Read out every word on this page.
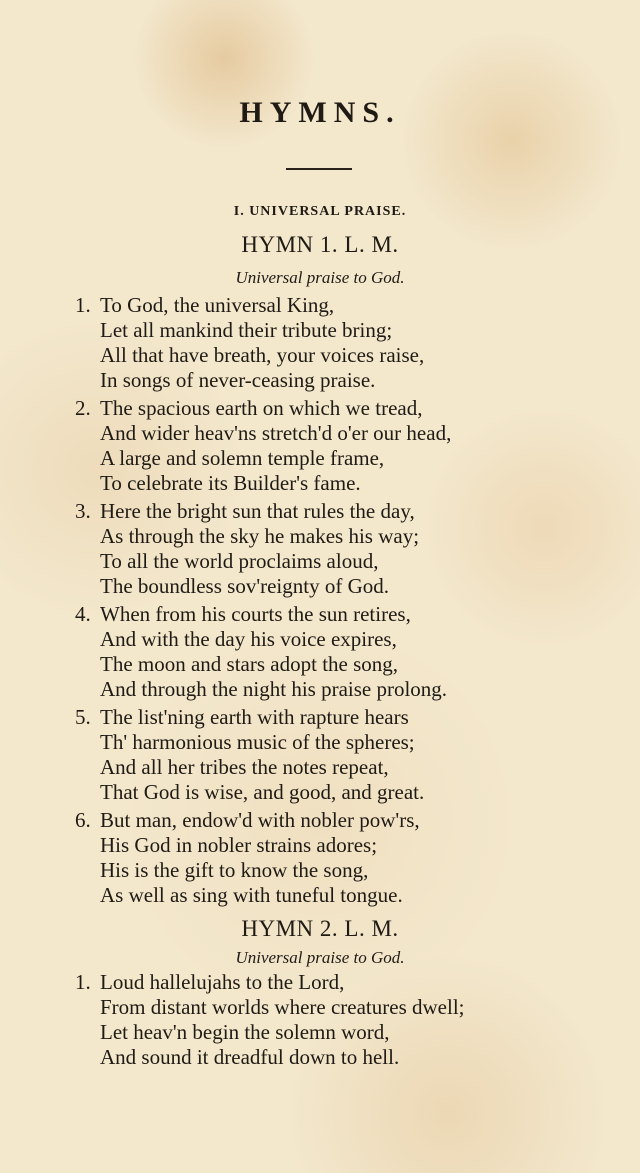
HYMNS.
I. UNIVERSAL PRAISE.
HYMN 1. L. M.
Universal praise to God.
1. To God, the universal King,
Let all mankind their tribute bring;
All that have breath, your voices raise,
In songs of never-ceasing praise.
2. The spacious earth on which we tread,
And wider heav'ns stretch'd o'er our head,
A large and solemn temple frame,
To celebrate its Builder's fame.
3. Here the bright sun that rules the day,
As through the sky he makes his way;
To all the world proclaims aloud,
The boundless sov'reignty of God.
4. When from his courts the sun retires,
And with the day his voice expires,
The moon and stars adopt the song,
And through the night his praise prolong.
5. The list'ning earth with rapture hears
Th' harmonious music of the spheres;
And all her tribes the notes repeat,
That God is wise, and good, and great.
6. But man, endow'd with nobler pow'rs,
His God in nobler strains adores;
His is the gift to know the song,
As well as sing with tuneful tongue.
HYMN 2. L. M.
Universal praise to God.
1. Loud hallelujahs to the Lord,
From distant worlds where creatures dwell;
Let heav'n begin the solemn word,
And sound it dreadful down to hell.
